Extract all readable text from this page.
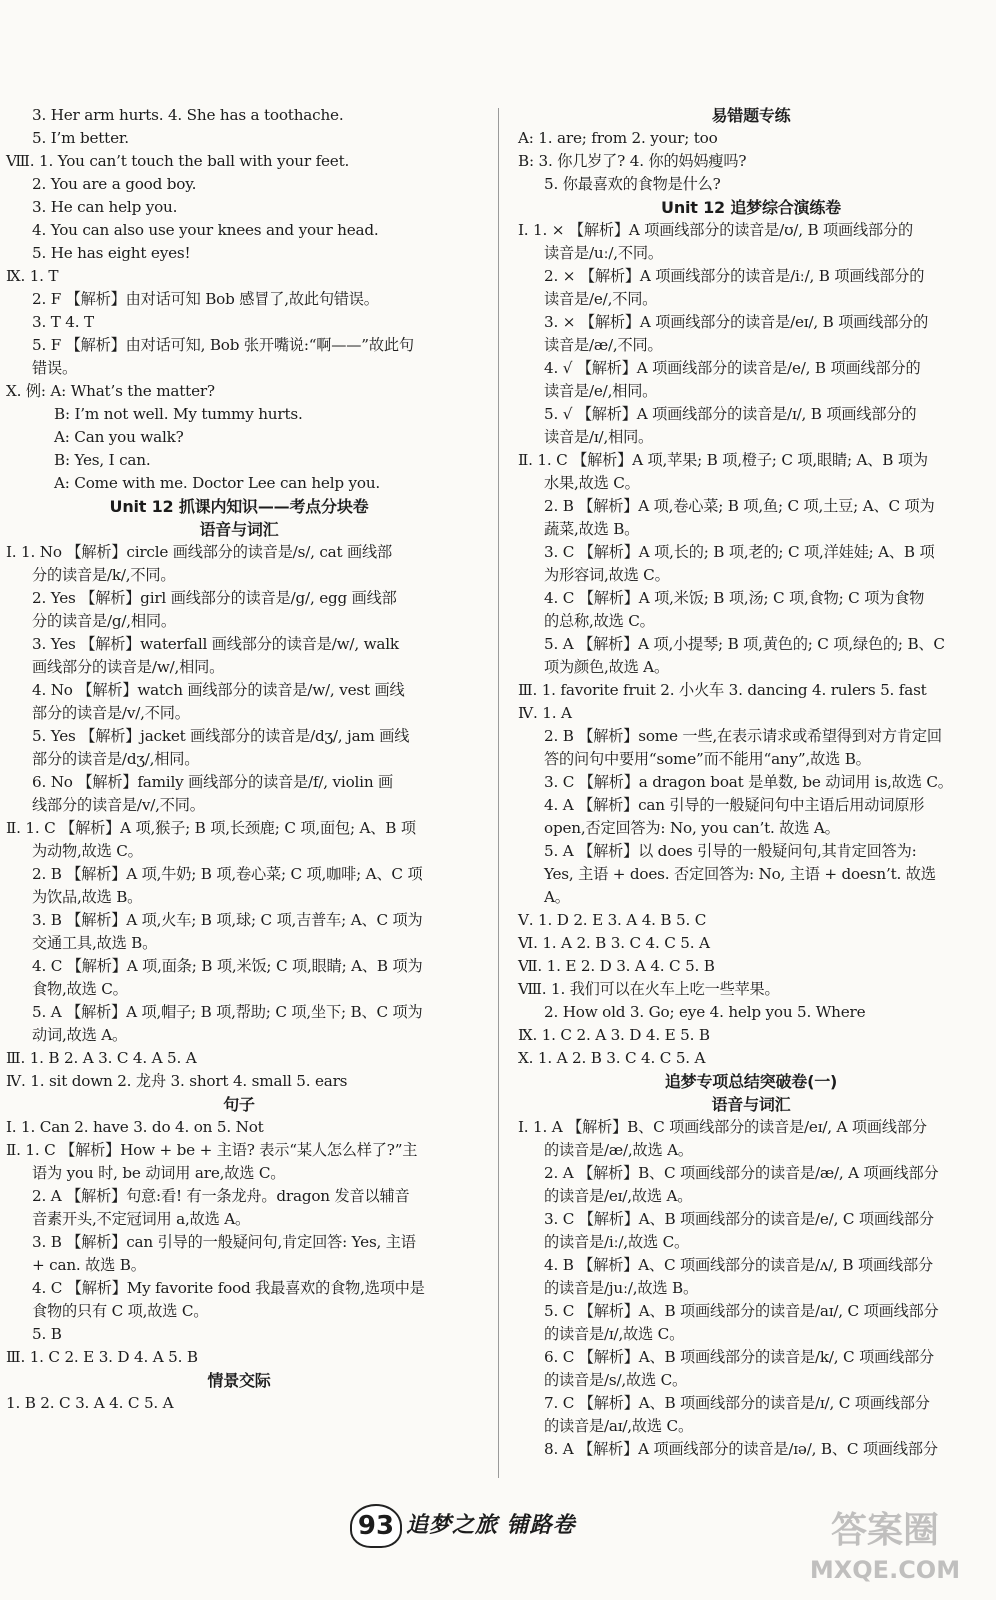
3. Her arm hurts. 4. She has a toothache.
5. I’m better.
Ⅷ. 1. You can’t touch the ball with your feet.
2. You are a good boy.
3. He can help you.
4. You can also use your knees and your head.
5. He has eight eyes!
Ⅸ. 1. T
2. F 【解析】由对话可知 Bob 感冒了,故此句错误。
3. T 4. T
5. F 【解析】由对话可知, Bob 张开嘴说:“啊——”故此句
错误。
Ⅹ. 例: A: What’s the matter?
B: I’m not well. My tummy hurts.
A: Can you walk?
B: Yes, I can.
A: Come with me. Doctor Lee can help you.
Unit 12 抓课内知识——考点分块卷
语音与词汇
Ⅰ. 1. No 【解析】circle 画线部分的读音是/s/, cat 画线部
分的读音是/k/,不同。
2. Yes 【解析】girl 画线部分的读音是/g/, egg 画线部
分的读音是/g/,相同。
3. Yes 【解析】waterfall 画线部分的读音是/w/, walk
画线部分的读音是/w/,相同。
4. No 【解析】watch 画线部分的读音是/w/, vest 画线
部分的读音是/v/,不同。
5. Yes 【解析】jacket 画线部分的读音是/dʒ/, jam 画线
部分的读音是/dʒ/,相同。
6. No 【解析】family 画线部分的读音是/f/, violin 画
线部分的读音是/v/,不同。
Ⅱ. 1. C 【解析】A 项,猴子; B 项,长颈鹿; C 项,面包; A、B 项
为动物,故选 C。
2. B 【解析】A 项,牛奶; B 项,卷心菜; C 项,咖啡; A、C 项
为饮品,故选 B。
3. B 【解析】A 项,火车; B 项,球; C 项,吉普车; A、C 项为
交通工具,故选 B。
4. C 【解析】A 项,面条; B 项,米饭; C 项,眼睛; A、B 项为
食物,故选 C。
5. A 【解析】A 项,帽子; B 项,帮助; C 项,坐下; B、C 项为
动词,故选 A。
Ⅲ. 1. B 2. A 3. C 4. A 5. A
Ⅳ. 1. sit down 2. 龙舟 3. short 4. small 5. ears
句子
Ⅰ. 1. Can 2. have 3. do 4. on 5. Not
Ⅱ. 1. C 【解析】How + be + 主语? 表示“某人怎么样了?”主
语为 you 时, be 动词用 are,故选 C。
2. A 【解析】句意:看! 有一条龙舟。dragon 发音以辅音
音素开头,不定冠词用 a,故选 A。
3. B 【解析】can 引导的一般疑问句,肯定回答: Yes, 主语
+ can. 故选 B。
4. C 【解析】My favorite food 我最喜欢的食物,选项中是
食物的只有 C 项,故选 C。
5. B
Ⅲ. 1. C 2. E 3. D 4. A 5. B
情景交际
1. B 2. C 3. A 4. C 5. A
易错题专练
A: 1. are; from 2. your; too
B: 3. 你几岁了? 4. 你的妈妈瘦吗?
5. 你最喜欢的食物是什么?
Unit 12 追梦综合演练卷
Ⅰ. 1. × 【解析】A 项画线部分的读音是/ʊ/, B 项画线部分的
读音是/uː/,不同。
2. × 【解析】A 项画线部分的读音是/iː/, B 项画线部分的
读音是/e/,不同。
3. × 【解析】A 项画线部分的读音是/eɪ/, B 项画线部分的
读音是/æ/,不同。
4. √ 【解析】A 项画线部分的读音是/e/, B 项画线部分的
读音是/e/,相同。
5. √ 【解析】A 项画线部分的读音是/ɪ/, B 项画线部分的
读音是/ɪ/,相同。
Ⅱ. 1. C 【解析】A 项,苹果; B 项,橙子; C 项,眼睛; A、B 项为
水果,故选 C。
2. B 【解析】A 项,卷心菜; B 项,鱼; C 项,土豆; A、C 项为
蔬菜,故选 B。
3. C 【解析】A 项,长的; B 项,老的; C 项,洋娃娃; A、B 项
为形容词,故选 C。
4. C 【解析】A 项,米饭; B 项,汤; C 项,食物; C 项为食物
的总称,故选 C。
5. A 【解析】A 项,小提琴; B 项,黄色的; C 项,绿色的; B、C
项为颜色,故选 A。
Ⅲ. 1. favorite fruit 2. 小火车 3. dancing 4. rulers 5. fast
Ⅳ. 1. A
2. B 【解析】some 一些,在表示请求或希望得到对方肯定回
答的问句中要用“some”而不能用“any”,故选 B。
3. C 【解析】a dragon boat 是单数, be 动词用 is,故选 C。
4. A 【解析】can 引导的一般疑问句中主语后用动词原形
open,否定回答为: No, you can’t. 故选 A。
5. A 【解析】以 does 引导的一般疑问句,其肯定回答为:
Yes, 主语 + does. 否定回答为: No, 主语 + doesn’t. 故选
A。
Ⅴ. 1. D 2. E 3. A 4. B 5. C
Ⅵ. 1. A 2. B 3. C 4. C 5. A
Ⅶ. 1. E 2. D 3. A 4. C 5. B
Ⅷ. 1. 我们可以在火车上吃一些苹果。
2. How old 3. Go; eye 4. help you 5. Where
Ⅸ. 1. C 2. A 3. D 4. E 5. B
Ⅹ. 1. A 2. B 3. C 4. C 5. A
追梦专项总结突破卷(一)
语音与词汇
Ⅰ. 1. A 【解析】B、C 项画线部分的读音是/eɪ/, A 项画线部分
的读音是/æ/,故选 A。
2. A 【解析】B、C 项画线部分的读音是/æ/, A 项画线部分
的读音是/eɪ/,故选 A。
3. C 【解析】A、B 项画线部分的读音是/e/, C 项画线部分
的读音是/iː/,故选 C。
4. B 【解析】A、C 项画线部分的读音是/ʌ/, B 项画线部分
的读音是/juː/,故选 B。
5. C 【解析】A、B 项画线部分的读音是/aɪ/, C 项画线部分
的读音是/ɪ/,故选 C。
6. C 【解析】A、B 项画线部分的读音是/k/, C 项画线部分
的读音是/s/,故选 C。
7. C 【解析】A、B 项画线部分的读音是/ɪ/, C 项画线部分
的读音是/aɪ/,故选 C。
8. A 【解析】A 项画线部分的读音是/ɪə/, B、C 项画线部分
93 追梦之旅 铺路卷	答案圈
MXQE.COM
